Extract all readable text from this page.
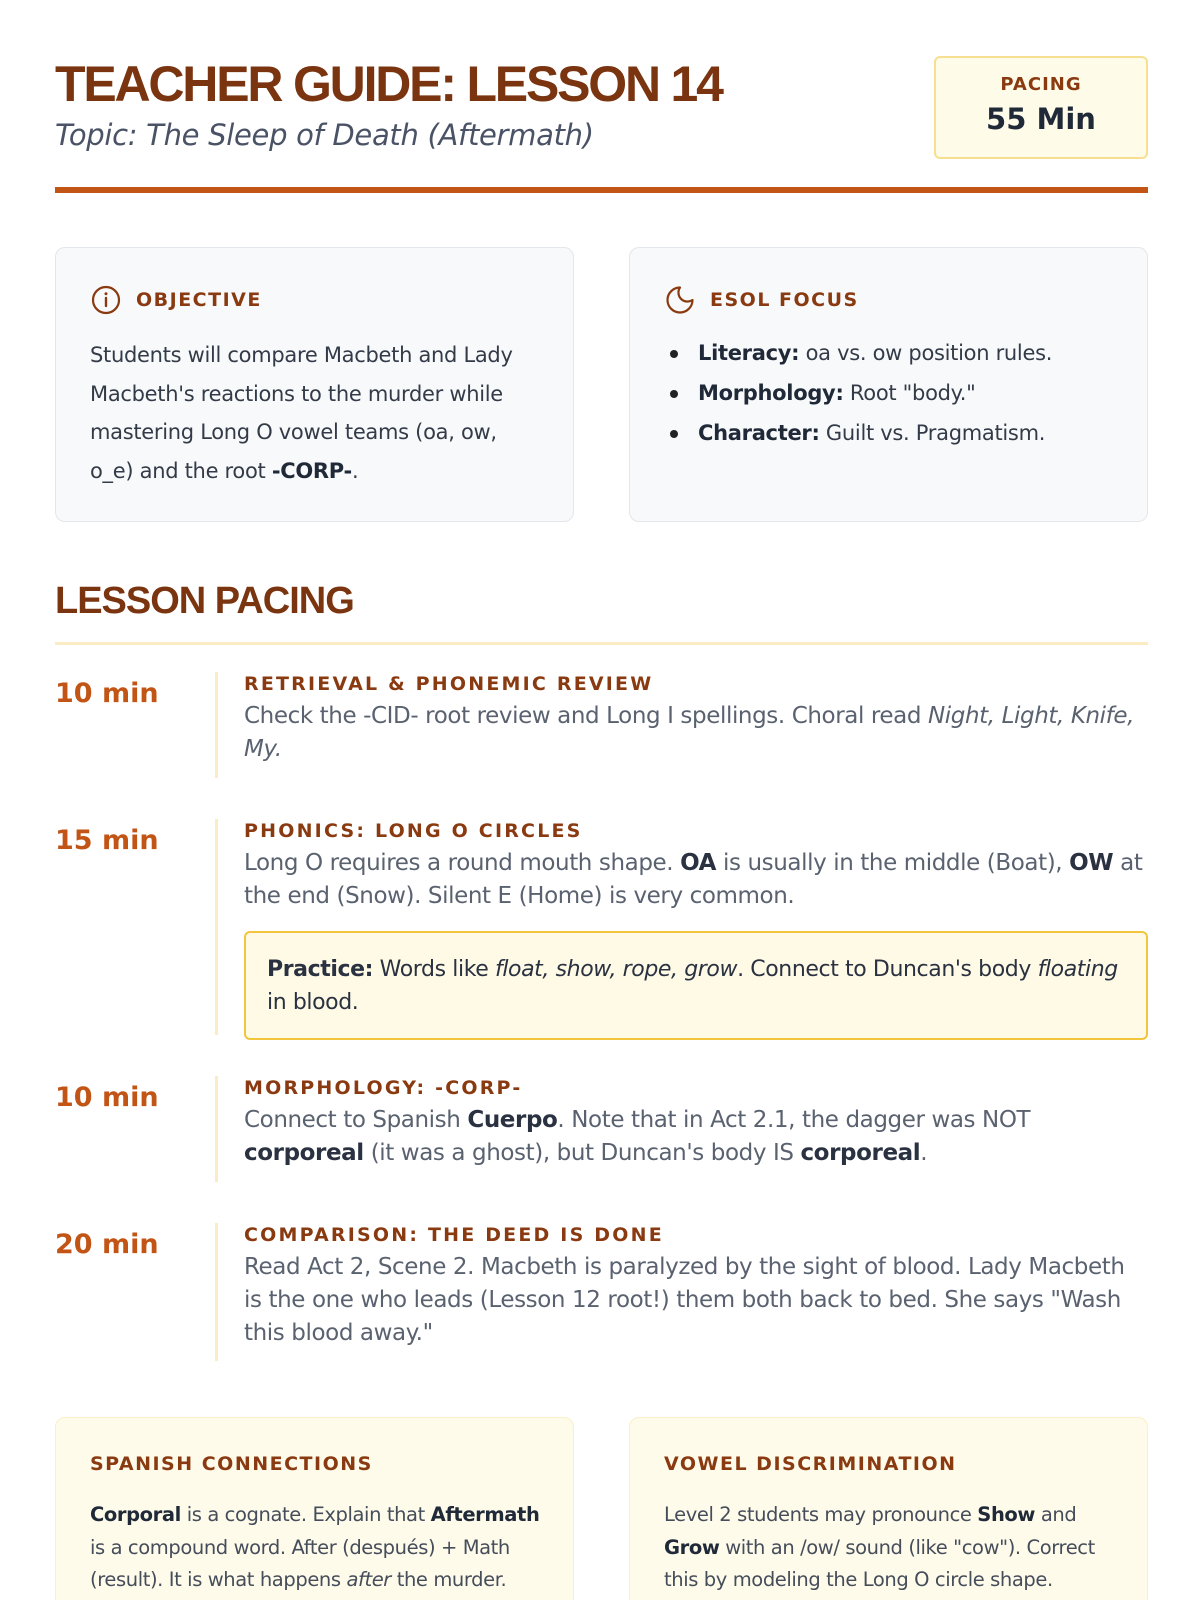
TEACHER GUIDE: LESSON 14
Topic: The Sleep of Death (Aftermath)
PACING
55 Min
OBJECTIVE

Students will compare Macbeth and Lady Macbeth's reactions to the murder while mastering Long O vowel teams (oa, ow, o_e) and the root -CORP-.

ESOL FOCUS
Literacy: oa vs. ow position rules.
Morphology: Root "body."
Character: Guilt vs. Pragmatism.
LESSON PACING
10 min	RETRIEVAL & PHONEMIC REVIEW
Check the -CID- root review and Long I spellings. Choral read Night, Light, Knife, My.
15 min	PHONICS: LONG O CIRCLES
Long O requires a round mouth shape. OA is usually in the middle (Boat), OW at the end (Snow). Silent E (Home) is very common.
Practice: Words like float, show, rope, grow. Connect to Duncan's body floating in blood.
10 min	MORPHOLOGY: -CORP-
Connect to Spanish Cuerpo. Note that in Act 2.1, the dagger was NOT corporeal (it was a ghost), but Duncan's body IS corporeal.
20 min	COMPARISON: THE DEED IS DONE
Read Act 2, Scene 2. Macbeth is paralyzed by the sight of blood. Lady Macbeth is the one who leads (Lesson 12 root!) them both back to bed. She says "Wash this blood away."
SPANISH CONNECTIONS

Corporal is a cognate. Explain that Aftermath is a compound word. After (después) + Math (result). It is what happens after the murder.

VOWEL DISCRIMINATION

Level 2 students may pronounce Show and Grow with an /ow/ sound (like "cow"). Correct this by modeling the Long O circle shape.
